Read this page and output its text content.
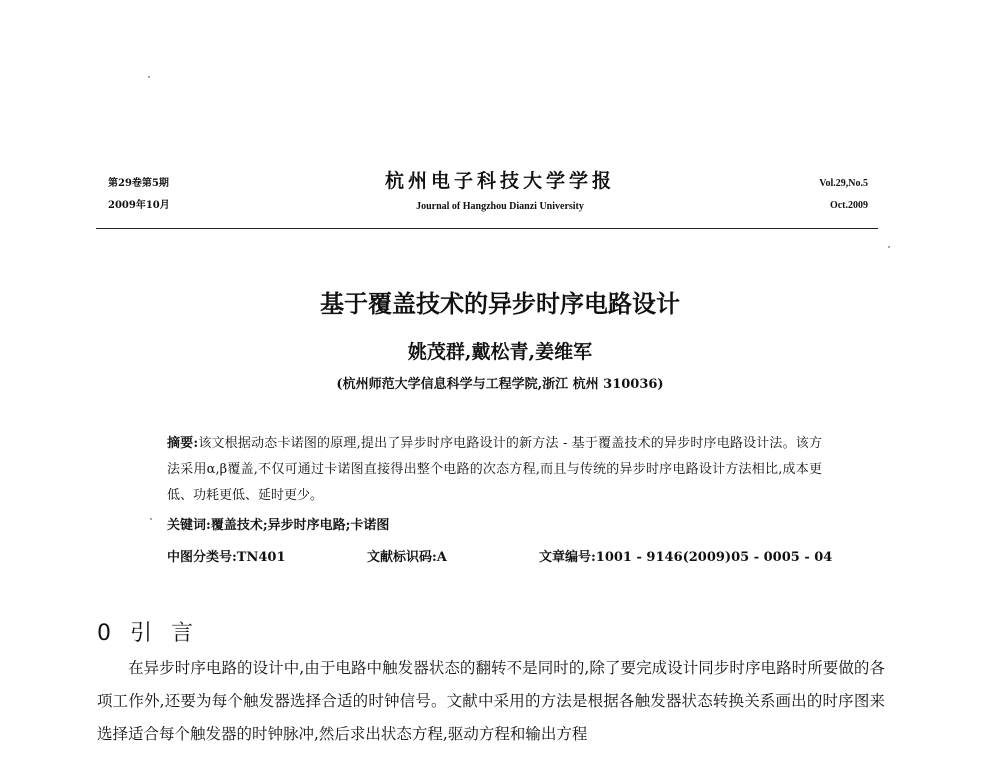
第29卷第5期
2009年10月
杭州电子科技大学学报
Journal of Hangzhou Dianzi University
Vol.29,No.5
Oct.2009
基于覆盖技术的异步时序电路设计
姚茂群,戴松青,姜维军
(杭州师范大学信息科学与工程学院,浙江 杭州 310036)
摘要:该文根据动态卡诺图的原理,提出了异步时序电路设计的新方法 - 基于覆盖技术的异步时序电路设计法。该方法采用α,β覆盖,不仅可通过卡诺图直接得出整个电路的次态方程,而且与传统的异步时序电路设计方法相比,成本更低、功耗更低、延时更少。
关键词:覆盖技术;异步时序电路;卡诺图
中图分类号:TN401	文献标识码:A	文章编号:1001 - 9146(2009)05 - 0005 - 04
0 引 言
　　在异步时序电路的设计中,由于电路中触发器状态的翻转不是同时的,除了要完成设计同步时序电路时所要做的各项工作外,还要为每个触发器选择合适的时钟信号。文献中采用的方法是根据各触发器状态转换关系画出的时序图来选择适合每个触发器的时钟脉冲,然后求出状态方程,驱动方程和输出方程
